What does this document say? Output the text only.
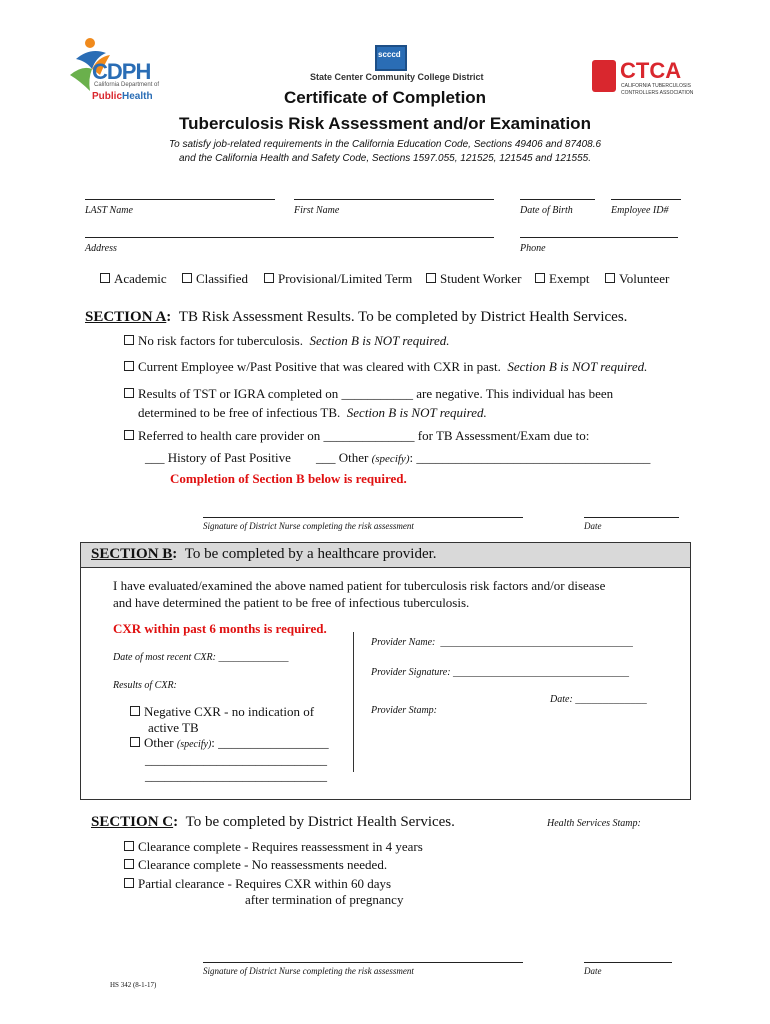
CDPH
California Department of
PublicHealth
scccd
State Center Community College District	CTCA
CALIFORNIA TUBERCULOSIS
CONTROLLERS ASSOCIATION
Certificate of Completion
Tuberculosis Risk Assessment and/or Examination
To satisfy job-related requirements in the California Education Code, Sections 49406 and 87408.6
and the California Health and Safety Code, Sections 1597.055, 121525, 121545 and 121555.
LAST Name	First Name	Date of Birth	Employee ID#
Address	Phone
Academic	Classified	Provisional/Limited Term	Student Worker	Exempt	Volunteer
SECTION A: TB Risk Assessment Results. To be completed by District Health Services.
No risk factors for tuberculosis. Section B is NOT required.
Current Employee w/Past Positive that was cleared with CXR in past. Section B is NOT required.
Results of TST or IGRA completed on ___________ are negative. This individual has been
determined to be free of infectious TB. Section B is NOT required.
Referred to health care provider on ______________ for TB Assessment/Exam due to:
___ History of Past Positive ___ Other (specify): ____________________________________
Completion of Section B below is required.
Signature of District Nurse completing the risk assessment	Date
SECTION B: To be completed by a healthcare provider.
I have evaluated/examined the above named patient for tuberculosis risk factors and/or disease
and have determined the patient to be free of infectious tuberculosis.
CXR within past 6 months is required.
Date of most recent CXR: ______________
Results of CXR:
Negative CXR - no indication of
active TB
Other (specify): _________________
____________________________
____________________________
Provider Name: ___________________________________
Provider Signature: ________________________________
Date: _____________
Provider Stamp:
SECTION C: To be completed by District Health Services.	Health Services Stamp:
Clearance complete - Requires reassessment in 4 years
Clearance complete - No reassessments needed.
Partial clearance - Requires CXR within 60 days
after termination of pregnancy
Signature of District Nurse completing the risk assessment	Date
HS 342 (8-1-17)
